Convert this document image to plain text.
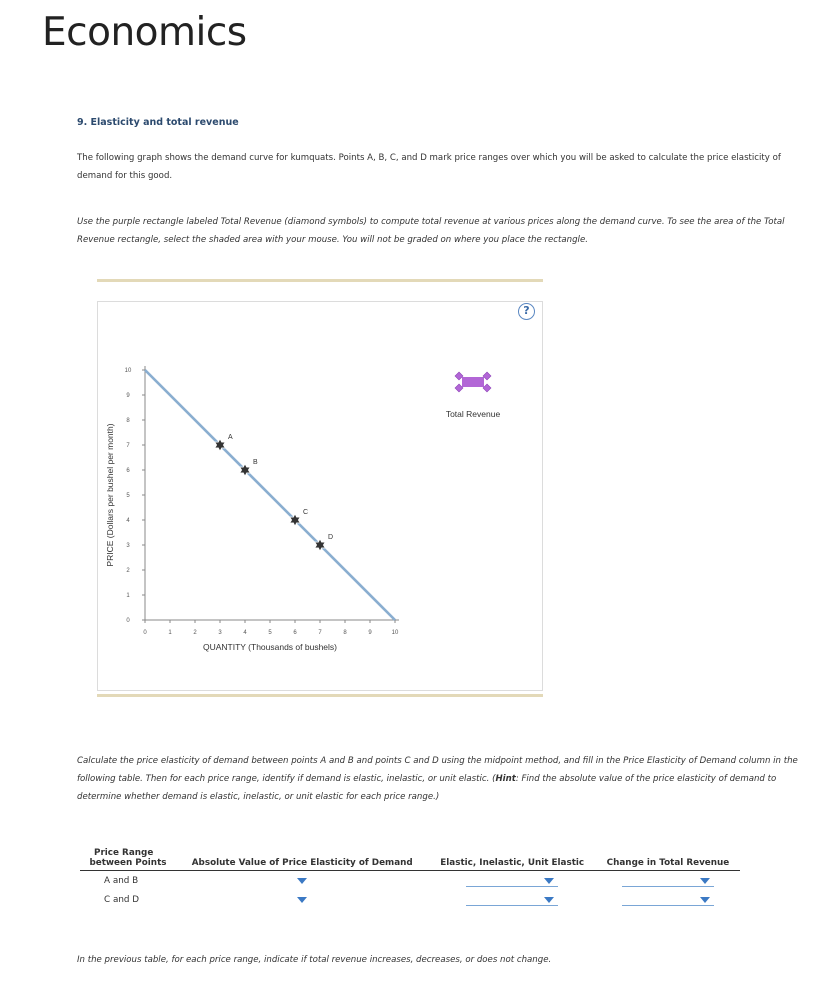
Economics
9. Elasticity and total revenue
The following graph shows the demand curve for kumquats. Points A, B, C, and D mark price ranges over which you will be asked to calculate the price elasticity of demand for this good.
Use the purple rectangle labeled Total Revenue (diamond symbols) to compute total revenue at various prices along the demand curve. To see the area of the Total Revenue rectangle, select the shaded area with your mouse. You will not be graded on where you place the rectangle.
?
0	1	2	3	4	5	6	7	8	9	10
0
1
2
3
4
5
6
7
8
9
10
A
B
C
D
QUANTITY (Thousands of bushels)
PRICE (Dollars per bushel per month)
Total Revenue
Calculate the price elasticity of demand between points A and B and points C and D using the midpoint method, and fill in the Price Elasticity of Demand column in the following table. Then for each price range, identify if demand is elastic, inelastic, or unit elastic. (Hint: Find the absolute value of the price elasticity of demand to determine whether demand is elastic, inelastic, or unit elastic for each price range.)
Price Range			
between Points	Absolute Value of Price Elasticity of Demand	Elastic, Inelastic, Unit Elastic	Change in Total Revenue
A and B	

C and D	

In the previous table, for each price range, indicate if total revenue increases, decreases, or does not change.
